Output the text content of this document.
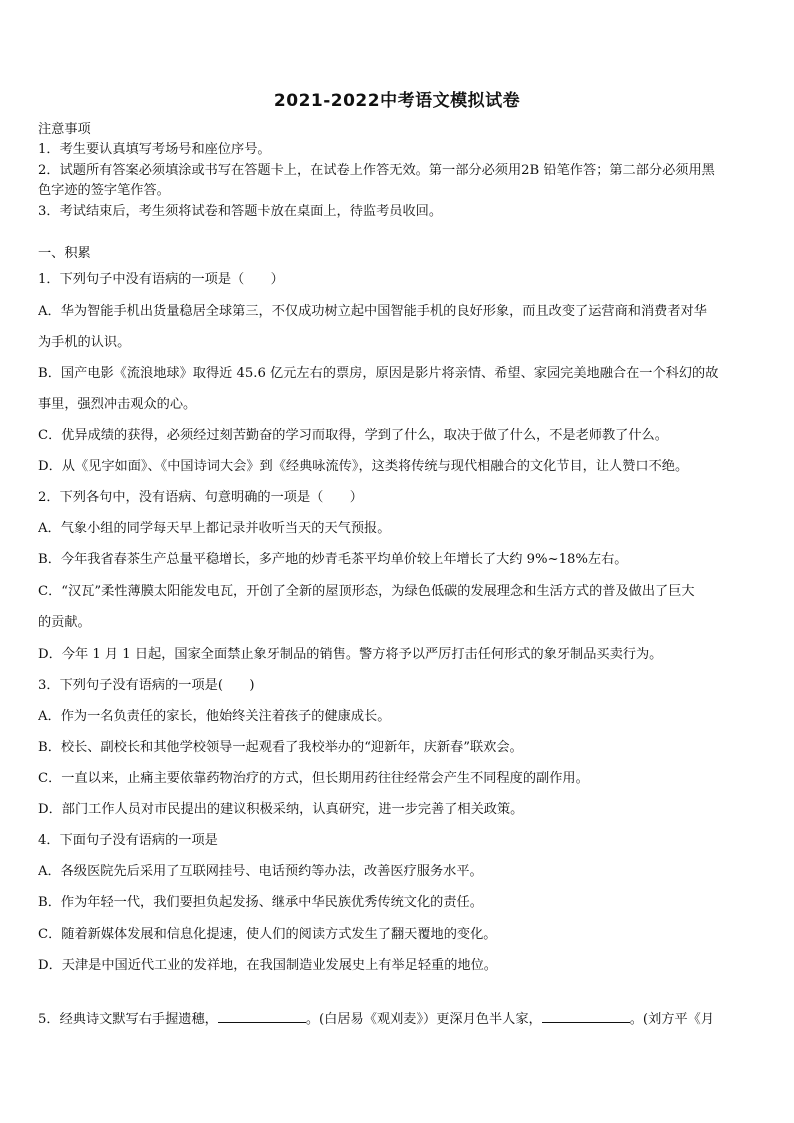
2021-2022中考语文模拟试卷
注意事项
1．考生要认真填写考场号和座位序号。
2．试题所有答案必须填涂或书写在答题卡上，在试卷上作答无效。第一部分必须用2B 铅笔作答；第二部分必须用黑
色字迹的签字笔作答。
3．考试结束后，考生须将试卷和答题卡放在桌面上，待监考员收回。
一、积累
1．下列句子中没有语病的一项是（　　）
A．华为智能手机出货量稳居全球第三，不仅成功树立起中国智能手机的良好形象，而且改变了运营商和消费者对华
为手机的认识。
B．国产电影《流浪地球》取得近 45.6 亿元左右的票房，原因是影片将亲情、希望、家园完美地融合在一个科幻的故
事里，强烈冲击观众的心。
C．优异成绩的获得，必须经过刻苦勤奋的学习而取得，学到了什么，取决于做了什么，不是老师教了什么。
D．从《见字如面》、《中国诗词大会》到《经典咏流传》，这类将传统与现代相融合的文化节目，让人赞口不绝。
2．下列各句中，没有语病、句意明确的一项是（　　）
A．气象小组的同学每天早上都记录并收听当天的天气预报。
B．今年我省春茶生产总量平稳增长，多产地的炒青毛茶平均单价较上年增长了大约 9%~18%左右。
C．“汉瓦”柔性薄膜太阳能发电瓦，开创了全新的屋顶形态，为绿色低碳的发展理念和生活方式的普及做出了巨大
的贡献。
D．今年 1 月 1 日起，国家全面禁止象牙制品的销售。警方将予以严厉打击任何形式的象牙制品买卖行为。
3．下列句子没有语病的一项是(　　)
A．作为一名负责任的家长，他始终关注着孩子的健康成长。
B．校长、副校长和其他学校领导一起观看了我校举办的“迎新年，庆新春”联欢会。
C．一直以来，止痛主要依靠药物治疗的方式，但长期用药往往经常会产生不同程度的副作用。
D．部门工作人员对市民提出的建议积极采纳，认真研究，进一步完善了相关政策。
4．下面句子没有语病的一项是
A．各级医院先后采用了互联网挂号、电话预约等办法，改善医疗服务水平。
B．作为年轻一代，我们要担负起发扬、继承中华民族优秀传统文化的责任。
C．随着新媒体发展和信息化提速，使人们的阅读方式发生了翻天覆地的变化。
D．天津是中国近代工业的发祥地，在我国制造业发展史上有举足轻重的地位。
5．经典诗文默写右手握遗穗，	。(白居易《观刈麦》）更深月色半人家，	。(刘方平《月
